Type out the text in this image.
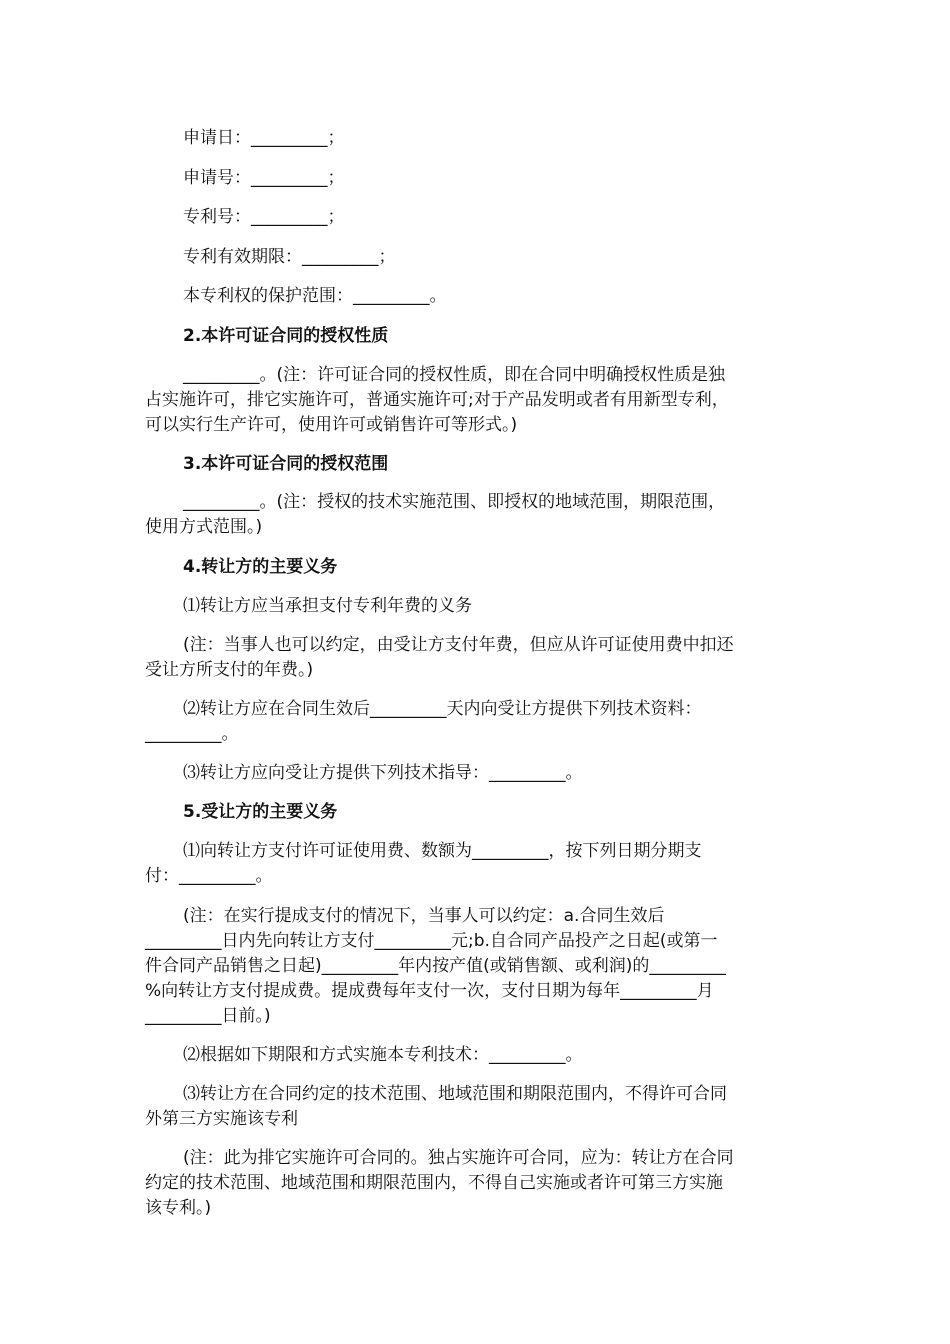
申请日：_________；
申请号：_________；
专利号：_________；
专利有效期限：_________；
本专利权的保护范围：_________。
2.本许可证合同的授权性质
_________。(注：许可证合同的授权性质，即在合同中明确授权性质是独
占实施许可，排它实施许可，普通实施许可;对于产品发明或者有用新型专利，
可以实行生产许可，使用许可或销售许可等形式。)
3.本许可证合同的授权范围
_________。(注：授权的技术实施范围、即授权的地域范围，期限范围，
使用方式范围。)
4.转让方的主要义务
⑴转让方应当承担支付专利年费的义务
(注：当事人也可以约定，由受让方支付年费，但应从许可证使用费中扣还
受让方所支付的年费。)
⑵转让方应在合同生效后_________天内向受让方提供下列技术资料：
_________。
⑶转让方应向受让方提供下列技术指导：_________。
5.受让方的主要义务
⑴向转让方支付许可证使用费、数额为_________，按下列日期分期支
付：_________。
(注：在实行提成支付的情况下，当事人可以约定：a.合同生效后
_________日内先向转让方支付_________元;b.自合同产品投产之日起(或第一
件合同产品销售之日起)_________年内按产值(或销售额、或利润)的_________
%向转让方支付提成费。提成费每年支付一次，支付日期为每年_________月
_________日前。)
⑵根据如下期限和方式实施本专利技术：_________。
⑶转让方在合同约定的技术范围、地域范围和期限范围内，不得许可合同
外第三方实施该专利
(注：此为排它实施许可合同的。独占实施许可合同，应为：转让方在合同
约定的技术范围、地域范围和期限范围内，不得自己实施或者许可第三方实施
该专利。)
